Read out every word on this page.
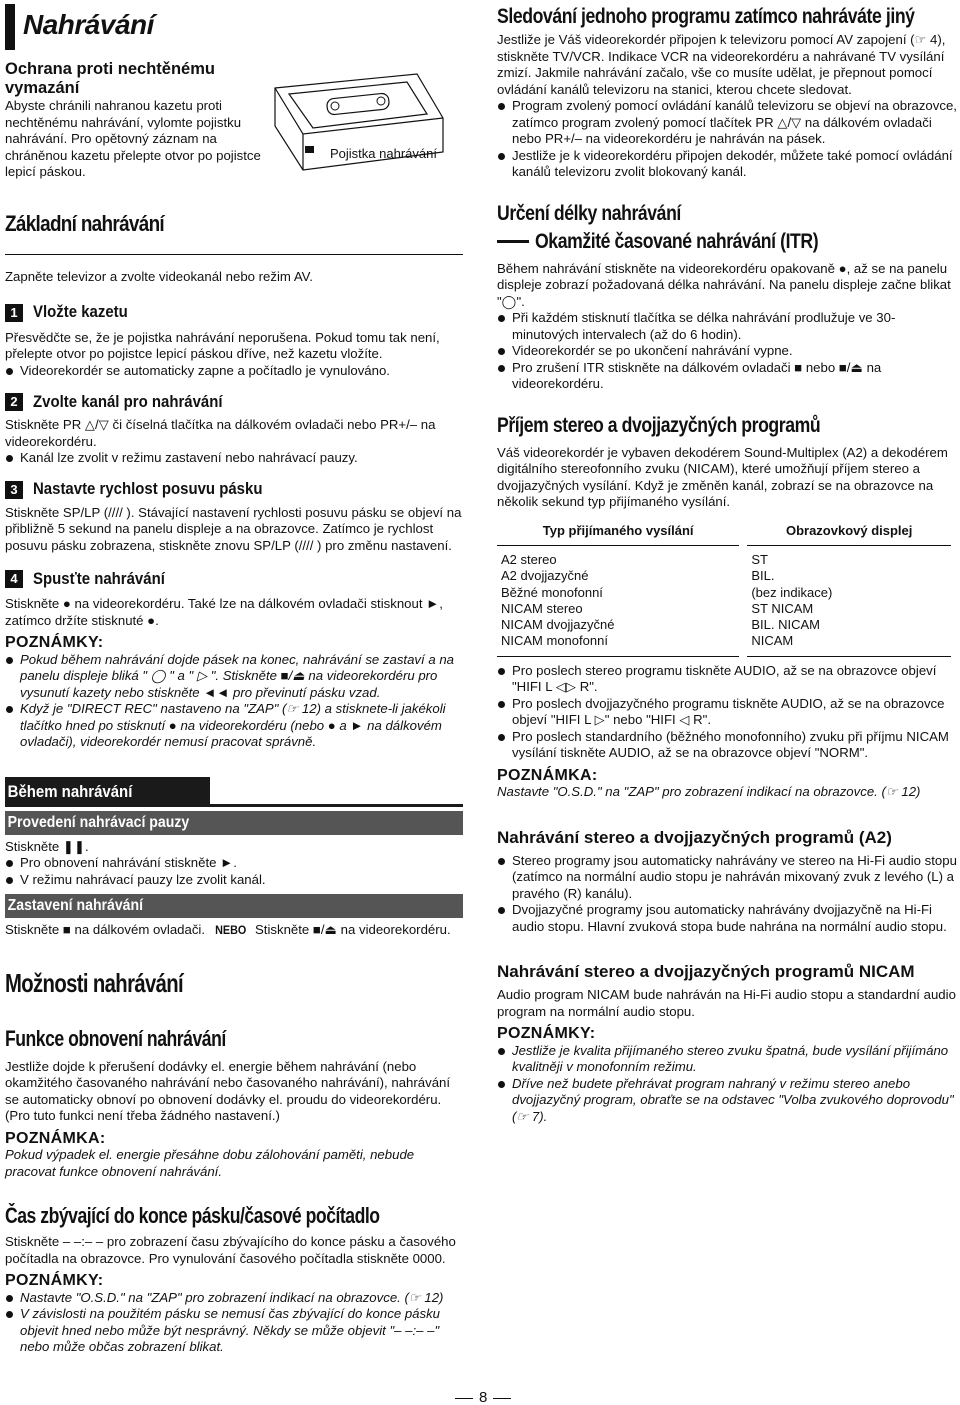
Nahrávání
Ochrana proti nechtěnému vymazání
Abyste chránili nahranou kazetu proti nechtěnému nahrávání, vylomte pojistku nahrávání. Pro opětovný záznam na chráněnou kazetu přelepte otvor po pojistce lepicí páskou.
Pojistka nahrávání
Základní nahrávání
Zapněte televizor a zvolte videokanál nebo režim AV.
1 Vložte kazetu
Přesvědčte se, že je pojistka nahrávání neporušena. Pokud tomu tak není, přelepte otvor po pojistce lepicí páskou dříve, než kazetu vložíte.
Videorekordér se automaticky zapne a počítadlo je vynulováno.
2 Zvolte kanál pro nahrávání
Stiskněte PR △/▽ či číselná tlačítka na dálkovém ovladači nebo PR+/– na videorekordéru.
Kanál lze zvolit v režimu zastavení nebo nahrávací pauzy.
3 Nastavte rychlost posuvu pásku
Stiskněte SP/LP (//// ). Stávající nastavení rychlosti posuvu pásku se objeví na přibližně 5 sekund na panelu displeje a na obrazovce. Zatímco je rychlost posuvu pásku zobrazena, stiskněte znovu SP/LP (//// ) pro změnu nastavení.
4 Spusťte nahrávání
Stiskněte ● na videorekordéru. Také lze na dálkovém ovladači stisknout ►, zatímco držíte stisknuté ●.
POZNÁMKY:
Pokud během nahrávání dojde pásek na konec, nahrávání se zastaví a na panelu displeje bliká " ◯ " a " ▷ ". Stiskněte ■/⏏ na videorekordéru pro vysunutí kazety nebo stiskněte ◄◄ pro převinutí pásku vzad.
Když je "DIRECT REC" nastaveno na "ZAP" (☞ 12) a stisknete-li jakékoli tlačítko hned po stisknutí ● na videorekordéru (nebo ● a ► na dálkovém ovladači), videorekordér nemusí pracovat správně.
Během nahrávání
Provedení nahrávací pauzy
Stiskněte ❚❚.
Pro obnovení nahrávání stiskněte ►.
V režimu nahrávací pauzy lze zvolit kanál.
Zastavení nahrávání
Stiskněte ■ na dálkovém ovladači. NEBO Stiskněte ■/⏏ na videorekordéru.
Možnosti nahrávání
Funkce obnovení nahrávání
Jestliže dojde k přerušení dodávky el. energie během nahrávání (nebo okamžitého časovaného nahrávání nebo časovaného nahrávání), nahrávání se automaticky obnoví po obnovení dodávky el. proudu do videorekordéru. (Pro tuto funkci není třeba žádného nastavení.)
POZNÁMKA:
Pokud výpadek el. energie přesáhne dobu zálohování paměti, nebude pracovat funkce obnovení nahrávání.
Čas zbývající do konce pásku/časové počítadlo
Stiskněte – –:– – pro zobrazení času zbývajícího do konce pásku a časového počítadla na obrazovce. Pro vynulování časového počítadla stiskněte 0000.
POZNÁMKY:
Nastavte "O.S.D." na "ZAP" pro zobrazení indikací na obrazovce. (☞ 12)
V závislosti na použitém pásku se nemusí čas zbývající do konce pásku objevit hned nebo může být nesprávný. Někdy se může objevit "– –:– –" nebo může občas zobrazení blikat.
Sledování jednoho programu zatímco nahráváte jiný
Jestliže je Váš videorekordér připojen k televizoru pomocí AV zapojení (☞ 4), stiskněte TV/VCR. Indikace VCR na videorekordéru a nahrávané TV vysílání zmizí. Jakmile nahrávání začalo, vše co musíte udělat, je přepnout pomocí ovládání kanálů televizoru na stanici, kterou chcete sledovat.
Program zvolený pomocí ovládání kanálů televizoru se objeví na obrazovce, zatímco program zvolený pomocí tlačítek PR △/▽ na dálkovém ovladači nebo PR+/– na videorekordéru je nahráván na pásek.
Jestliže je k videorekordéru připojen dekodér, můžete také pomocí ovládání kanálů televizoru zvolit blokovaný kanál.
Určení délky nahrávání
Okamžité časované nahrávání (ITR)
Během nahrávání stiskněte na videorekordéru opakovaně ●, až se na panelu displeje zobrazí požadovaná délka nahrávání. Na panelu displeje začne blikat "◯".
Při každém stisknutí tlačítka se délka nahrávání prodlužuje ve 30-minutových intervalech (až do 6 hodin).
Videorekordér se po ukončení nahrávání vypne.
Pro zrušení ITR stiskněte na dálkovém ovladači ■ nebo ■/⏏ na videorekordéru.
Příjem stereo a dvojjazyčných programů
Váš videorekordér je vybaven dekodérem Sound-Multiplex (A2) a dekodérem digitálního stereofonního zvuku (NICAM), které umožňují příjem stereo a dvojjazyčných vysílání. Když je změněn kanál, zobrazí se na obrazovce na několik sekund typ přijímaného vysílání.
Typ přijímaného vysílání	Obrazovkový displej
A2 stereo	ST
A2 dvojjazyčné	BIL.
Běžné monofonní	(bez indikace)
NICAM stereo	ST NICAM
NICAM dvojjazyčné	BIL. NICAM
NICAM monofonní	NICAM
Pro poslech stereo programu tiskněte AUDIO, až se na obrazovce objeví "HIFI L ◁▷ R".
Pro poslech dvojjazyčného programu tiskněte AUDIO, až se na obrazovce objeví "HIFI L ▷" nebo "HIFI ◁ R".
Pro poslech standardního (běžného monofonního) zvuku při příjmu NICAM vysílání tiskněte AUDIO, až se na obrazovce objeví "NORM".
POZNÁMKA:
Nastavte "O.S.D." na "ZAP" pro zobrazení indikací na obrazovce. (☞ 12)
Nahrávání stereo a dvojjazyčných programů (A2)
Stereo programy jsou automaticky nahrávány ve stereo na Hi-Fi audio stopu (zatímco na normální audio stopu je nahráván mixovaný zvuk z levého (L) a pravého (R) kanálu).
Dvojjazyčné programy jsou automaticky nahrávány dvojjazyčně na Hi-Fi audio stopu. Hlavní zvuková stopa bude nahrána na normální audio stopu.
Nahrávání stereo a dvojjazyčných programů NICAM
Audio program NICAM bude nahráván na Hi-Fi audio stopu a standardní audio program na normální audio stopu.
POZNÁMKY:
Jestliže je kvalita přijímaného stereo zvuku špatná, bude vysílání přijímáno kvalitněji v monofonním režimu.
Dříve než budete přehrávat program nahraný v režimu stereo anebo dvojjazyčný program, obraťte se na odstavec "Volba zvukového doprovodu" (☞ 7).
8
